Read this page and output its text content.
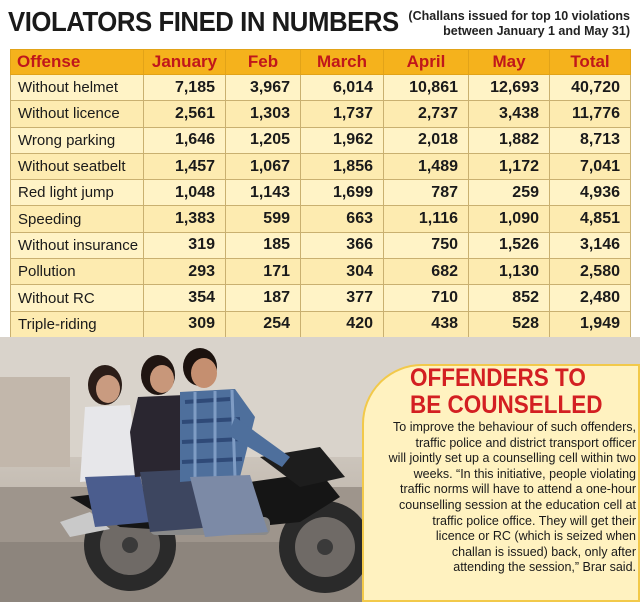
VIOLATORS FINED IN NUMBERS (Challans issued for top 10 violations
between January 1 and May 31)
Offense	January	Feb	March	April	May	Total
Without helmet	7,185	3,967	6,014	10,861	12,693	40,720
Without licence	2,561	1,303	1,737	2,737	3,438	11,776
Wrong parking	1,646	1,205	1,962	2,018	1,882	8,713
Without seatbelt	1,457	1,067	1,856	1,489	1,172	7,041
Red light jump	1,048	1,143	1,699	787	259	4,936
Speeding	1,383	599	663	1,116	1,090	4,851
Without insurance	319	185	366	750	1,526	3,146
Pollution	293	171	304	682	1,130	2,580
Without RC	354	187	377	710	852	2,480
Triple-riding	309	254	420	438	528	1,949
OFFENDERS TO
BE COUNSELLED
To improve the behaviour of such offenders,
traffic police and district transport officer
will jointly set up a counselling cell within two
weeks. “In this initiative, people violating
traffic norms will have to attend a one-hour
counselling session at the education cell at
traffic police office. They will get their
licence or RC (which is seized when
challan is issued) back, only after
attending the session,” Brar said.
